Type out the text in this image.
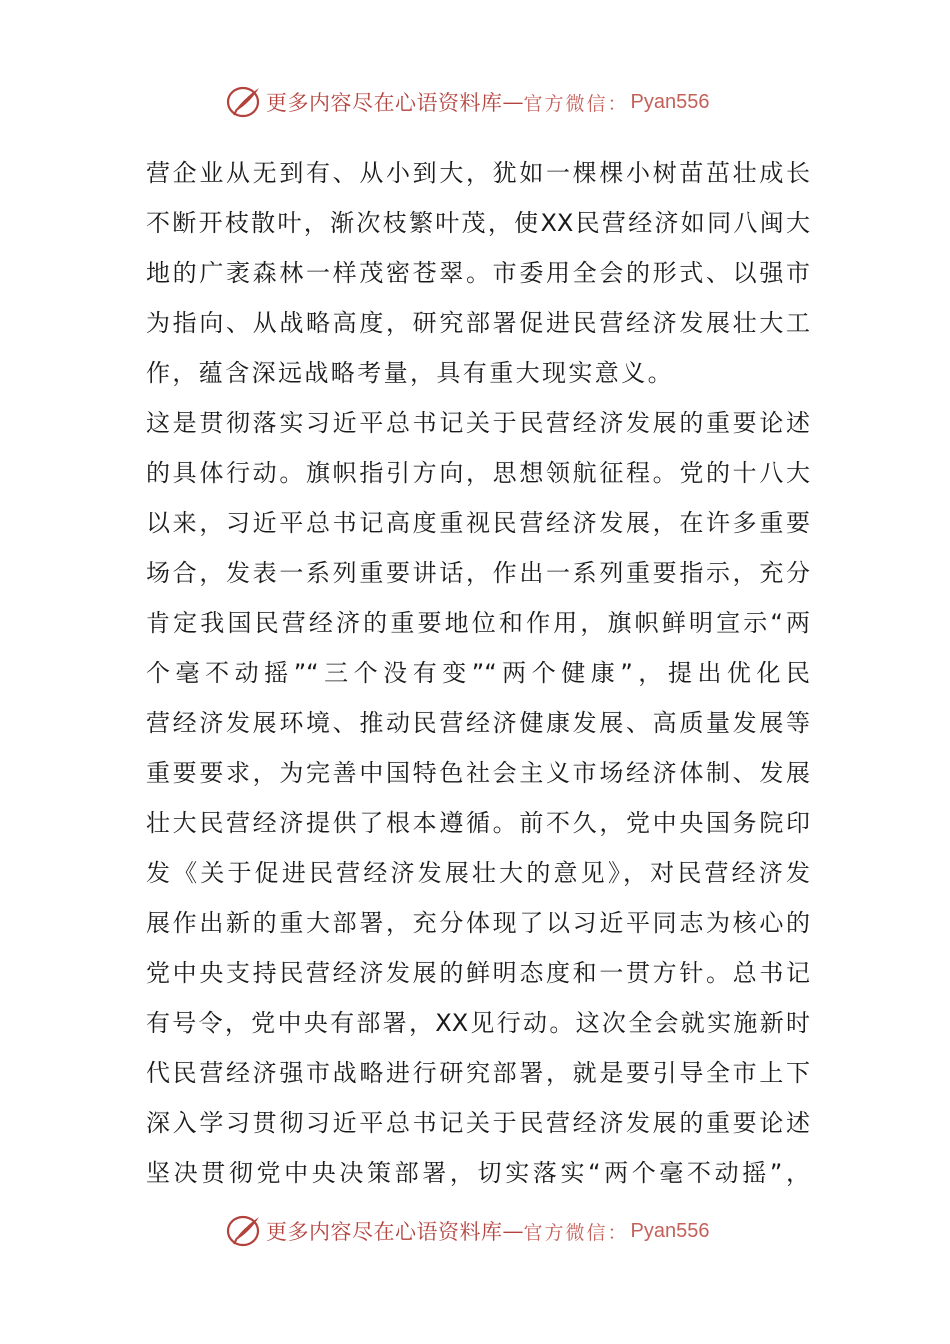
更多内容尽在心语资料库 — 官方微信： Pyan556
营企业从无到有、从小到大，犹如一棵棵小树苗茁壮成长
不断开枝散叶，渐次枝繁叶茂，使XX民营经济如同八闽大
地的广袤森林一样茂密苍翠。市委用全会的形式、以强市
为指向、从战略高度，研究部署促进民营经济发展壮大工
作，蕴含深远战略考量，具有重大现实意义。
这是贯彻落实习近平总书记关于民营经济发展的重要论述
的具体行动。旗帜指引方向，思想领航征程。党的十八大
以来，习近平总书记高度重视民营经济发展，在许多重要
场合，发表一系列重要讲话，作出一系列重要指示，充分
肯定我国民营经济的重要地位和作用，旗帜鲜明宣示“两
个毫不动摇”“三个没有变”“两个健康”，提出优化民
营经济发展环境、推动民营经济健康发展、高质量发展等
重要要求，为完善中国特色社会主义市场经济体制、发展
壮大民营经济提供了根本遵循。前不久，党中央国务院印
发《关于促进民营经济发展壮大的意见》，对民营经济发
展作出新的重大部署，充分体现了以习近平同志为核心的
党中央支持民营经济发展的鲜明态度和一贯方针。总书记
有号令，党中央有部署，XX见行动。这次全会就实施新时
代民营经济强市战略进行研究部署，就是要引导全市上下
深入学习贯彻习近平总书记关于民营经济发展的重要论述
坚决贯彻党中央决策部署，切实落实“两个毫不动摇”，
更多内容尽在心语资料库 — 官方微信： Pyan556
